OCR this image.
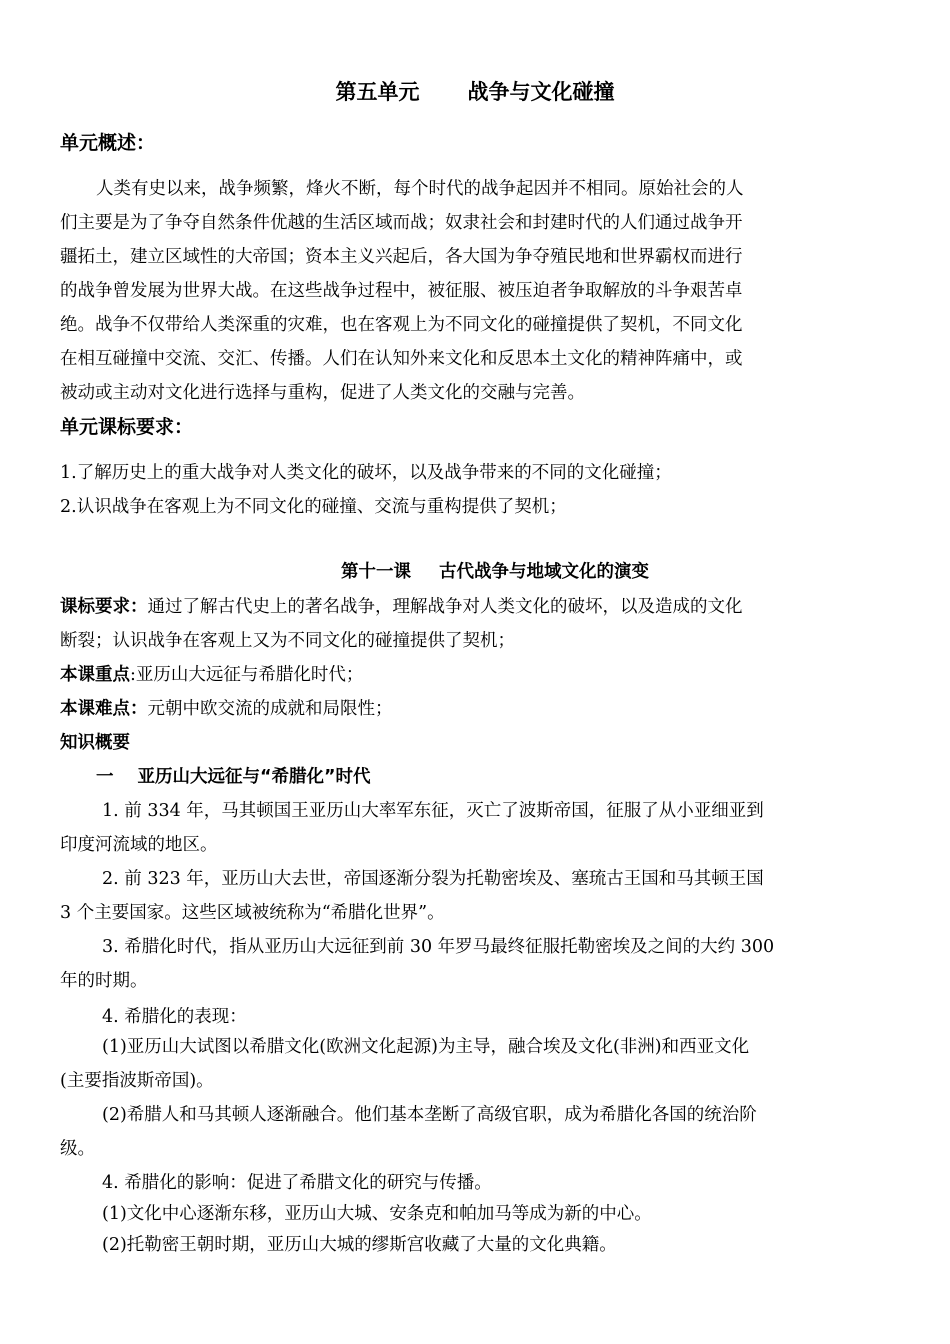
第五单元 战争与文化碰撞
单元概述：
人类有史以来，战争频繁，烽火不断，每个时代的战争起因并不相同。原始社会的人
们主要是为了争夺自然条件优越的生活区域而战；奴隶社会和封建时代的人们通过战争开
疆拓土，建立区域性的大帝国；资本主义兴起后，各大国为争夺殖民地和世界霸权而进行
的战争曾发展为世界大战。在这些战争过程中，被征服、被压迫者争取解放的斗争艰苦卓
绝。战争不仅带给人类深重的灾难，也在客观上为不同文化的碰撞提供了契机，不同文化
在相互碰撞中交流、交汇、传播。人们在认知外来文化和反思本土文化的精神阵痛中，或
被动或主动对文化进行选择与重构，促进了人类文化的交融与完善。
单元课标要求：
1.了解历史上的重大战争对人类文化的破坏，以及战争带来的不同的文化碰撞；
2.认识战争在客观上为不同文化的碰撞、交流与重构提供了契机；
第十一课 古代战争与地域文化的演变
课标要求：通过了解古代史上的著名战争，理解战争对人类文化的破坏，以及造成的文化
断裂；认识战争在客观上又为不同文化的碰撞提供了契机；
本课重点:亚历山大远征与希腊化时代；
本课难点：元朝中欧交流的成就和局限性；
知识概要
一 亚历山大远征与“希腊化”时代
1. 前 334 年，马其顿国王亚历山大率军东征，灭亡了波斯帝国，征服了从小亚细亚到
印度河流域的地区。
2. 前 323 年，亚历山大去世，帝国逐渐分裂为托勒密埃及、塞琉古王国和马其顿王国
3 个主要国家。这些区域被统称为“希腊化世界”。
3. 希腊化时代，指从亚历山大远征到前 30 年罗马最终征服托勒密埃及之间的大约 300
年的时期。
4. 希腊化的表现：
(1)亚历山大试图以希腊文化(欧洲文化起源)为主导，融合埃及文化(非洲)和西亚文化
(主要指波斯帝国)。
(2)希腊人和马其顿人逐渐融合。他们基本垄断了高级官职，成为希腊化各国的统治阶
级。
4. 希腊化的影响：促进了希腊文化的研究与传播。
(1)文化中心逐渐东移，亚历山大城、安条克和帕加马等成为新的中心。
(2)托勒密王朝时期，亚历山大城的缪斯宫收藏了大量的文化典籍。
